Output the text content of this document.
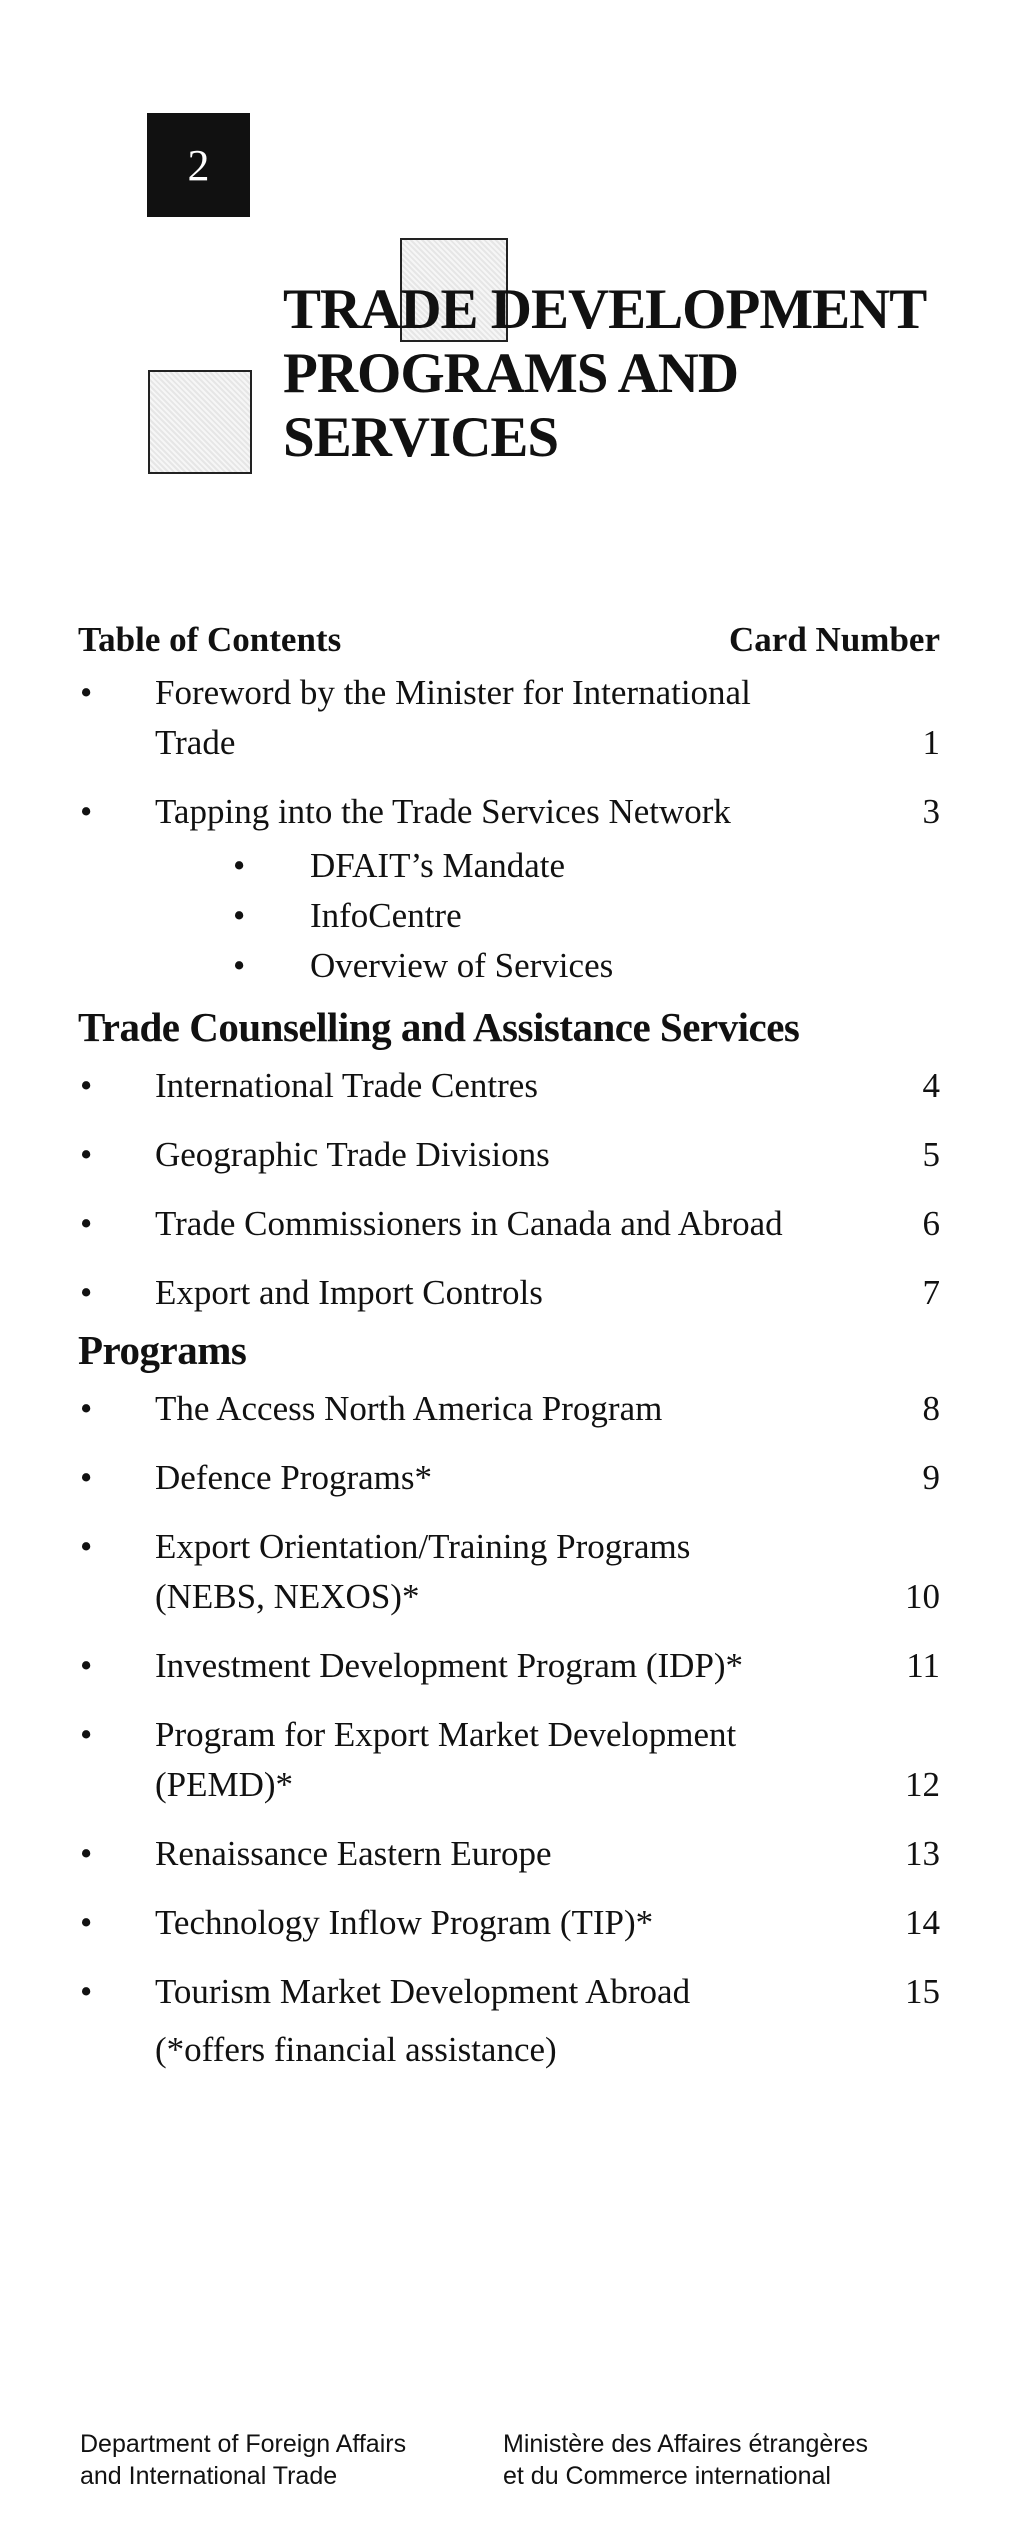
2
TRADE DEVELOPMENT
PROGRAMS AND
SERVICES
Table of Contents	Card Number
•	Foreword by the Minister for International Trade	1
•	Tapping into the Trade Services Network	3
•	DFAIT’s Mandate
•	InfoCentre
•	Overview of Services
Trade Counselling and Assistance Services
•	International Trade Centres	4
•	Geographic Trade Divisions	5
•	Trade Commissioners in Canada and Abroad	6
•	Export and Import Controls	7
Programs
•	The Access North America Program	8
•	Defence Programs*	9
•	Export Orientation/Training Programs (NEBS, NEXOS)*	10
•	Investment Development Program (IDP)*	11
•	Program for Export Market Development (PEMD)*	12
•	Renaissance Eastern Europe	13
•	Technology Inflow Program (TIP)*	14
•	Tourism Market Development Abroad	15
(*offers financial assistance)
Department of Foreign Affairs
and International Trade
Ministère des Affaires étrangères
et du Commerce international
